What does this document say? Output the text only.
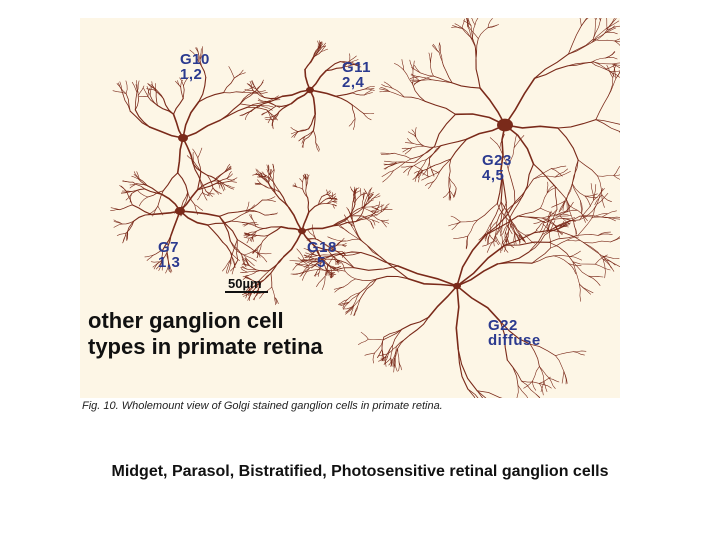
G10
1,2	G11
2,4
G23
4,5
G7
1,3
G18
5
G22
diffuse
50µm
other ganglion cell
types in primate retina
Fig. 10. Wholemount view of Golgi stained ganglion cells in primate retina.
Midget, Parasol, Bistratified, Photosensitive retinal ganglion cells
